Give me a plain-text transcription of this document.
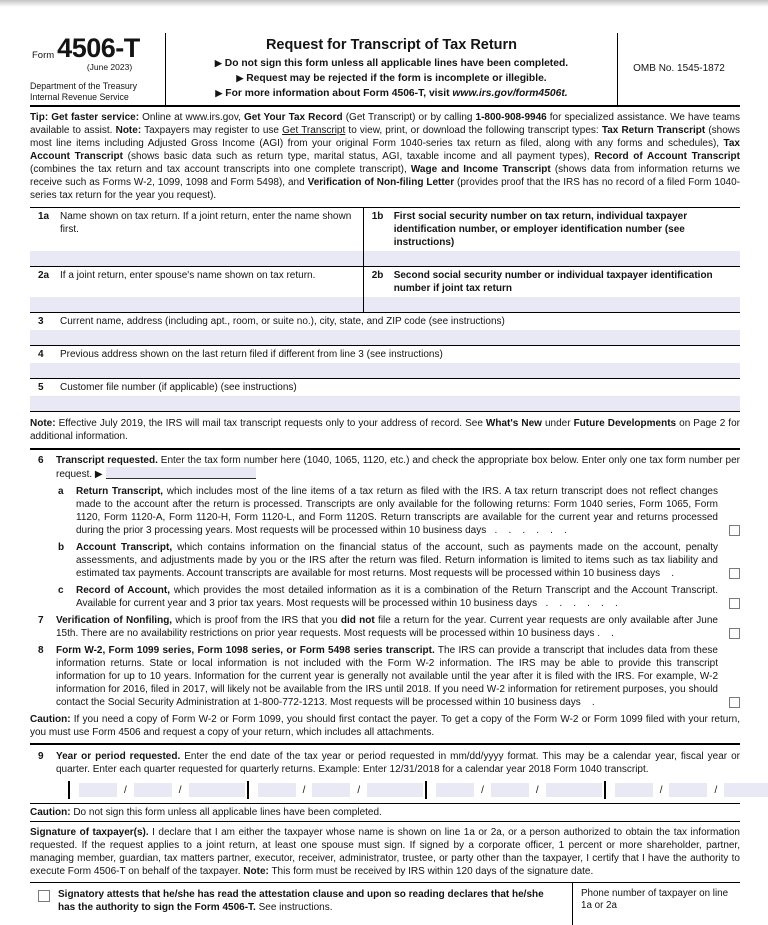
Form 4506-T
(June 2023)
Department of the Treasury
Internal Revenue Service
Request for Transcript of Tax Return
▶ Do not sign this form unless all applicable lines have been completed.
▶ Request may be rejected if the form is incomplete or illegible.
▶ For more information about Form 4506-T, visit www.irs.gov/form4506t.
OMB No. 1545-1872
Tip: Get faster service: Online at www.irs.gov, Get Your Tax Record (Get Transcript) or by calling 1-800-908-9946 for specialized assistance. We have teams available to assist. Note: Taxpayers may register to use Get Transcript to view, print, or download the following transcript types: Tax Return Transcript (shows most line items including Adjusted Gross Income (AGI) from your original Form 1040-series tax return as filed, along with any forms and schedules), Tax Account Transcript (shows basic data such as return type, marital status, AGI, taxable income and all payment types), Record of Account Transcript (combines the tax return and tax account transcripts into one complete transcript), Wage and Income Transcript (shows data from information returns we receive such as Forms W-2, 1099, 1098 and Form 5498), and Verification of Non-filing Letter (provides proof that the IRS has no record of a filed Form 1040-series tax return for the year you request).
1a	Name shown on tax return. If a joint return, enter the name shown first.
1b	First social security number on tax return, individual taxpayer identification number, or employer identification number (see instructions)
2a	If a joint return, enter spouse's name shown on tax return.	2b	Second social security number or individual taxpayer identification number if joint tax return
3	Current name, address (including apt., room, or suite no.), city, state, and ZIP code (see instructions)
4	Previous address shown on the last return filed if different from line 3 (see instructions)
5	Customer file number (if applicable) (see instructions)
Note: Effective July 2019, the IRS will mail tax transcript requests only to your address of record. See What's New under Future Developments on Page 2 for additional information.
6	Transcript requested. Enter the tax form number here (1040, 1065, 1120, etc.) and check the appropriate box below. Enter only one tax form number per request. ▶
a	Return Transcript, which includes most of the line items of a tax return as filed with the IRS. A tax return transcript does not reflect changes made to the account after the return is processed. Transcripts are only available for the following returns: Form 1040 series, Form 1065, Form 1120, Form 1120-A, Form 1120-H, Form 1120-L, and Form 1120S. Return transcripts are available for the current year and returns processed during the prior 3 processing years. Most requests will be processed within 10 business days   .    .    .    .    .    .
b	Account Transcript, which contains information on the financial status of the account, such as payments made on the account, penalty assessments, and adjustments made by you or the IRS after the return was filed. Return information is limited to items such as tax liability and estimated tax payments. Account transcripts are available for most returns. Most requests will be processed within 10 business days    .
c	Record of Account, which provides the most detailed information as it is a combination of the Return Transcript and the Account Transcript. Available for current year and 3 prior tax years. Most requests will be processed within 10 business days   .    .    .    .    .    .
7	Verification of Nonfiling, which is proof from the IRS that you did not file a return for the year. Current year requests are only available after June 15th. There are no availability restrictions on prior year requests. Most requests will be processed within 10 business days .    .
8	Form W-2, Form 1099 series, Form 1098 series, or Form 5498 series transcript. The IRS can provide a transcript that includes data from these information returns. State or local information is not included with the Form W-2 information. The IRS may be able to provide this transcript information for up to 10 years. Information for the current year is generally not available until the year after it is filed with the IRS. For example, W-2 information for 2016, filed in 2017, will likely not be available from the IRS until 2018. If you need W-2 information for retirement purposes, you should contact the Social Security Administration at 1-800-772-1213. Most requests will be processed within 10 business days    .
Caution: If you need a copy of Form W-2 or Form 1099, you should first contact the payer. To get a copy of the Form W-2 or Form 1099 filed with your return, you must use Form 4506 and request a copy of your return, which includes all attachments.
9	Year or period requested. Enter the end date of the tax year or period requested in mm/dd/yyyy format. This may be a calendar year, fiscal year or quarter. Enter each quarter requested for quarterly returns. Example: Enter 12/31/2018 for a calendar year 2018 Form 1040 transcript.
/	/	/	/	/	/	/	/
Caution: Do not sign this form unless all applicable lines have been completed.
Signature of taxpayer(s). I declare that I am either the taxpayer whose name is shown on line 1a or 2a, or a person authorized to obtain the tax information requested. If the request applies to a joint return, at least one spouse must sign. If signed by a corporate officer, 1 percent or more shareholder, partner, managing member, guardian, tax matters partner, executor, receiver, administrator, trustee, or party other than the taxpayer, I certify that I have the authority to execute Form 4506-T on behalf of the taxpayer. Note: This form must be received by IRS within 120 days of the signature date.
Signatory attests that he/she has read the attestation clause and upon so reading declares that he/she has the authority to sign the Form 4506-T. See instructions.
Phone number of taxpayer on line 1a or 2a
